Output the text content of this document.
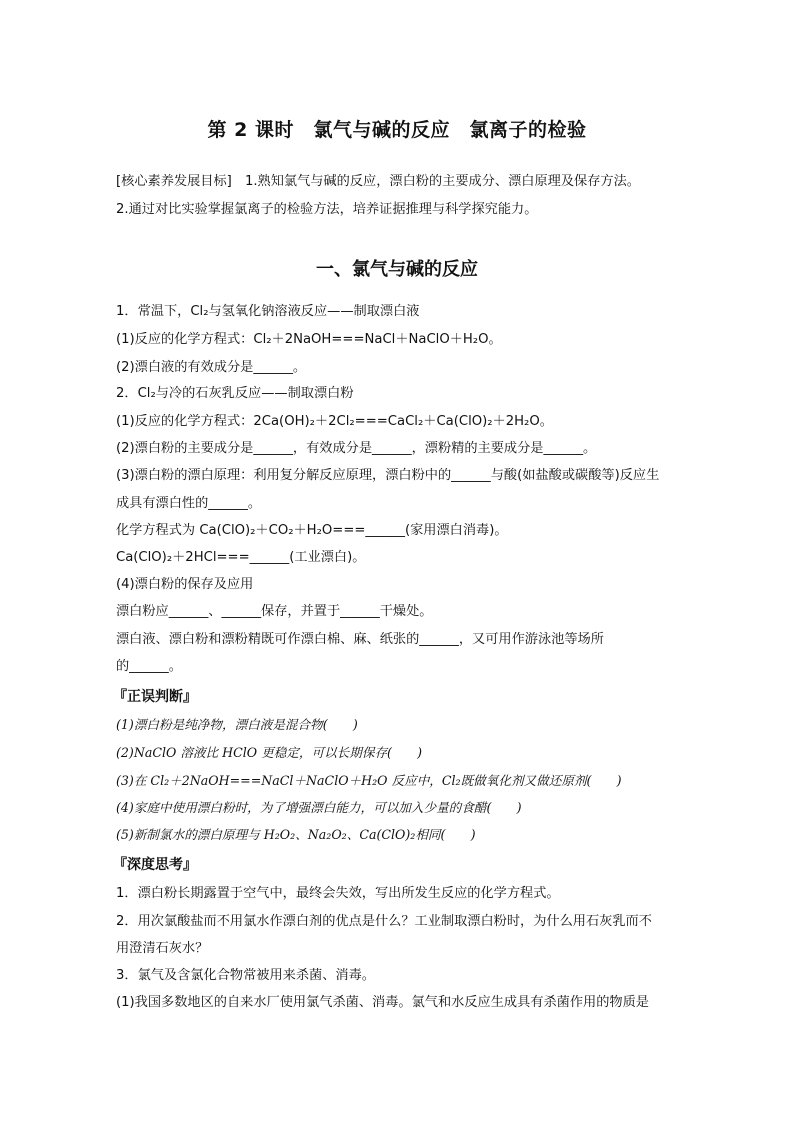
第 2 课时　氯气与碱的反应　氯离子的检验
[核心素养发展目标]　1.熟知氯气与碱的反应，漂白粉的主要成分、漂白原理及保存方法。
2.通过对比实验掌握氯离子的检验方法，培养证据推理与科学探究能力。
一、氯气与碱的反应
1．常温下，Cl₂与氢氧化钠溶液反应——制取漂白液
(1)反应的化学方程式：Cl₂＋2NaOH===NaCl＋NaClO＋H₂O。
(2)漂白液的有效成分是______。
2．Cl₂与冷的石灰乳反应——制取漂白粉
(1)反应的化学方程式：2Ca(OH)₂＋2Cl₂===CaCl₂＋Ca(ClO)₂＋2H₂O。
(2)漂白粉的主要成分是______，有效成分是______，漂粉精的主要成分是______。
(3)漂白粉的漂白原理：利用复分解反应原理，漂白粉中的______与酸(如盐酸或碳酸等)反应生
成具有漂白性的______。
化学方程式为 Ca(ClO)₂＋CO₂＋H₂O===______(家用漂白消毒)。
Ca(ClO)₂＋2HCl===______(工业漂白)。
(4)漂白粉的保存及应用
漂白粉应______、______保存，并置于______干燥处。
漂白液、漂白粉和漂粉精既可作漂白棉、麻、纸张的______，又可用作游泳池等场所
的______。
『正误判断』
(1)漂白粉是纯净物，漂白液是混合物(　　)
(2)NaClO 溶液比 HClO 更稳定，可以长期保存(　　)
(3)在 Cl₂＋2NaOH===NaCl＋NaClO＋H₂O 反应中，Cl₂既做氧化剂又做还原剂(　　)
(4)家庭中使用漂白粉时，为了增强漂白能力，可以加入少量的食醋(　　)
(5)新制氯水的漂白原理与 H₂O₂、Na₂O₂、Ca(ClO)₂相同(　　)
『深度思考』
1．漂白粉长期露置于空气中，最终会失效，写出所发生反应的化学方程式。
2．用次氯酸盐而不用氯水作漂白剂的优点是什么？工业制取漂白粉时，为什么用石灰乳而不
用澄清石灰水？
3．氯气及含氯化合物常被用来杀菌、消毒。
(1)我国多数地区的自来水厂使用氯气杀菌、消毒。氯气和水反应生成具有杀菌作用的物质是
